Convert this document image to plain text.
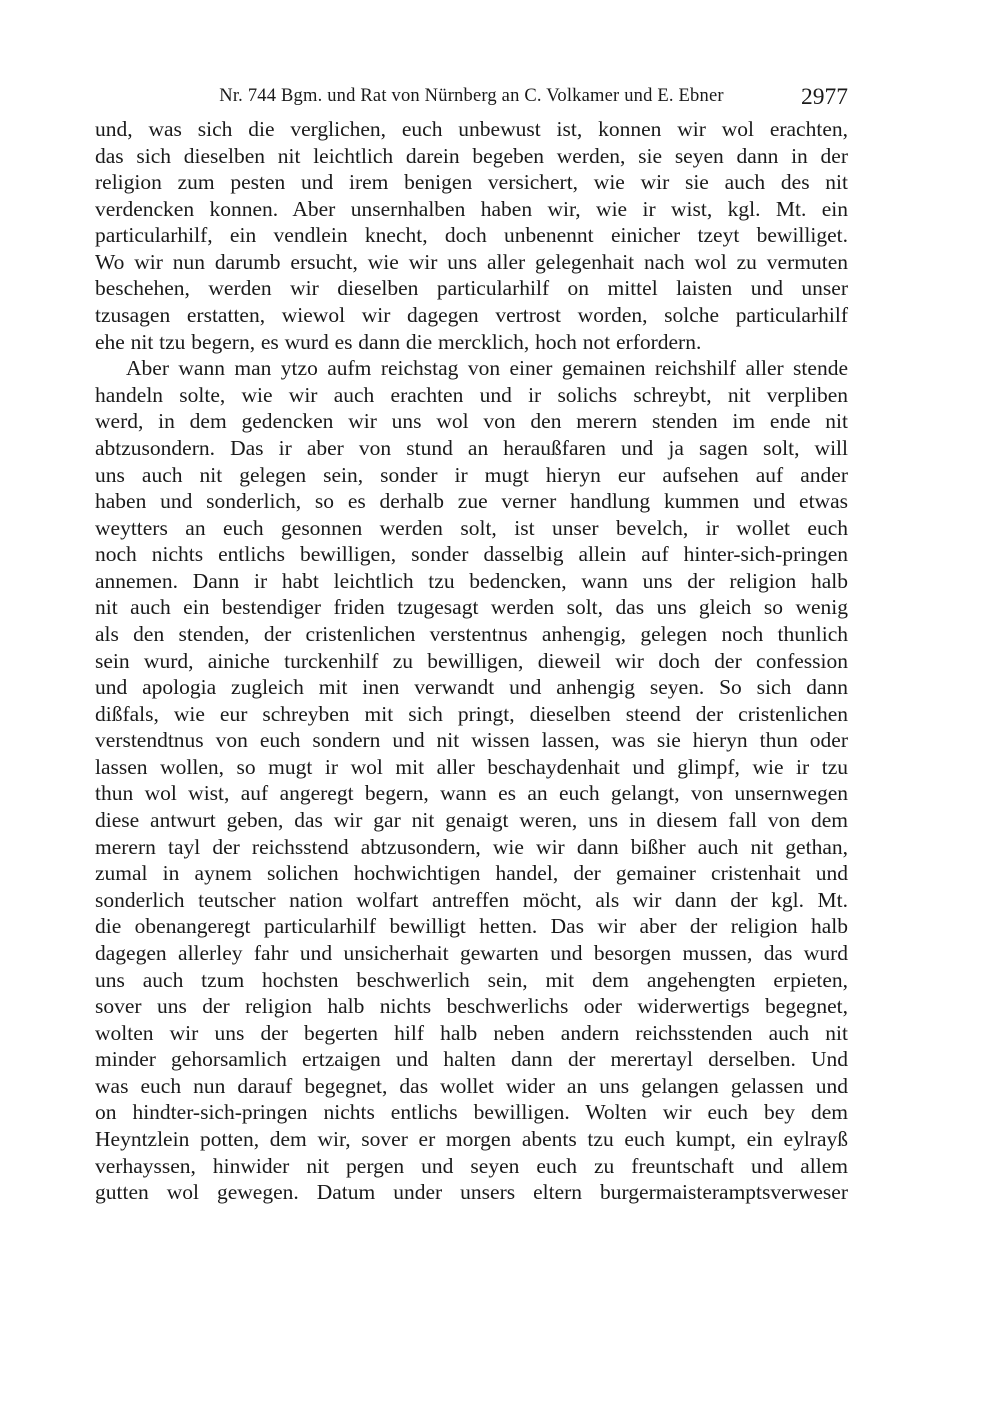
Nr. 744 Bgm. und Rat von Nürnberg an C. Volkamer und E. Ebner	2977
und, was sich die verglichen, euch unbewust ist, konnen wir wol erachten,
das sich dieselben nit leichtlich darein begeben werden, sie seyen dann in der
religion zum pesten und irem benigen versichert, wie wir sie auch des nit
verdencken konnen. Aber unsernhalben haben wir, wie ir wist, kgl. Mt. ein
particularhilf, ein vendlein knecht, doch unbenennt einicher tzeyt bewilliget.
Wo wir nun darumb ersucht, wie wir uns aller gelegenhait nach wol zu vermuten
beschehen, werden wir dieselben particularhilf on mittel laisten und unser
tzusagen erstatten, wiewol wir dagegen vertrost worden, solche particularhilf
ehe nit tzu begern, es wurd es dann die mercklich, hoch not erfordern.
Aber wann man ytzo aufm reichstag von einer gemainen reichshilf aller stende
handeln solte, wie wir auch erachten und ir solichs schreybt, nit verpliben
werd, in dem gedencken wir uns wol von den merern stenden im ende nit
abtzusondern. Das ir aber von stund an heraußfaren und ja sagen solt, will
uns auch nit gelegen sein, sonder ir mugt hieryn eur aufsehen auf ander
haben und sonderlich, so es derhalb zue verner handlung kummen und etwas
weytters an euch gesonnen werden solt, ist unser bevelch, ir wollet euch
noch nichts entlichs bewilligen, sonder dasselbig allein auf hinter-sich-pringen
annemen. Dann ir habt leichtlich tzu bedencken, wann uns der religion halb
nit auch ein bestendiger friden tzugesagt werden solt, das uns gleich so wenig
als den stenden, der cristenlichen verstentnus anhengig, gelegen noch thunlich
sein wurd, ainiche turckenhilf zu bewilligen, dieweil wir doch der confession
und apologia zugleich mit inen verwandt und anhengig seyen. So sich dann
dißfals, wie eur schreyben mit sich pringt, dieselben steend der cristenlichen
verstendtnus von euch sondern und nit wissen lassen, was sie hieryn thun oder
lassen wollen, so mugt ir wol mit aller beschaydenhait und glimpf, wie ir tzu
thun wol wist, auf angeregt begern, wann es an euch gelangt, von unsernwegen
diese antwurt geben, das wir gar nit genaigt weren, uns in diesem fall von dem
merern tayl der reichsstend abtzusondern, wie wir dann bißher auch nit gethan,
zumal in aynem solichen hochwichtigen handel, der gemainer cristenhait und
sonderlich teutscher nation wolfart antreffen möcht, als wir dann der kgl. Mt.
die obenangeregt particularhilf bewilligt hetten. Das wir aber der religion halb
dagegen allerley fahr und unsicherhait gewarten und besorgen mussen, das wurd
uns auch tzum hochsten beschwerlich sein, mit dem angehengten erpieten,
sover uns der religion halb nichts beschwerlichs oder widerwertigs begegnet,
wolten wir uns der begerten hilf halb neben andern reichsstenden auch nit
minder gehorsamlich ertzaigen und halten dann der merertayl derselben. Und
was euch nun darauf begegnet, das wollet wider an uns gelangen gelassen und
on hindter-sich-pringen nichts entlichs bewilligen. Wolten wir euch bey dem
Heyntzlein potten, dem wir, sover er morgen abents tzu euch kumpt, ein eylrayß
verhayssen, hinwider nit pergen und seyen euch zu freuntschaft und allem
gutten wol gewegen. Datum under unsers eltern burgermaisteramptsverweser
